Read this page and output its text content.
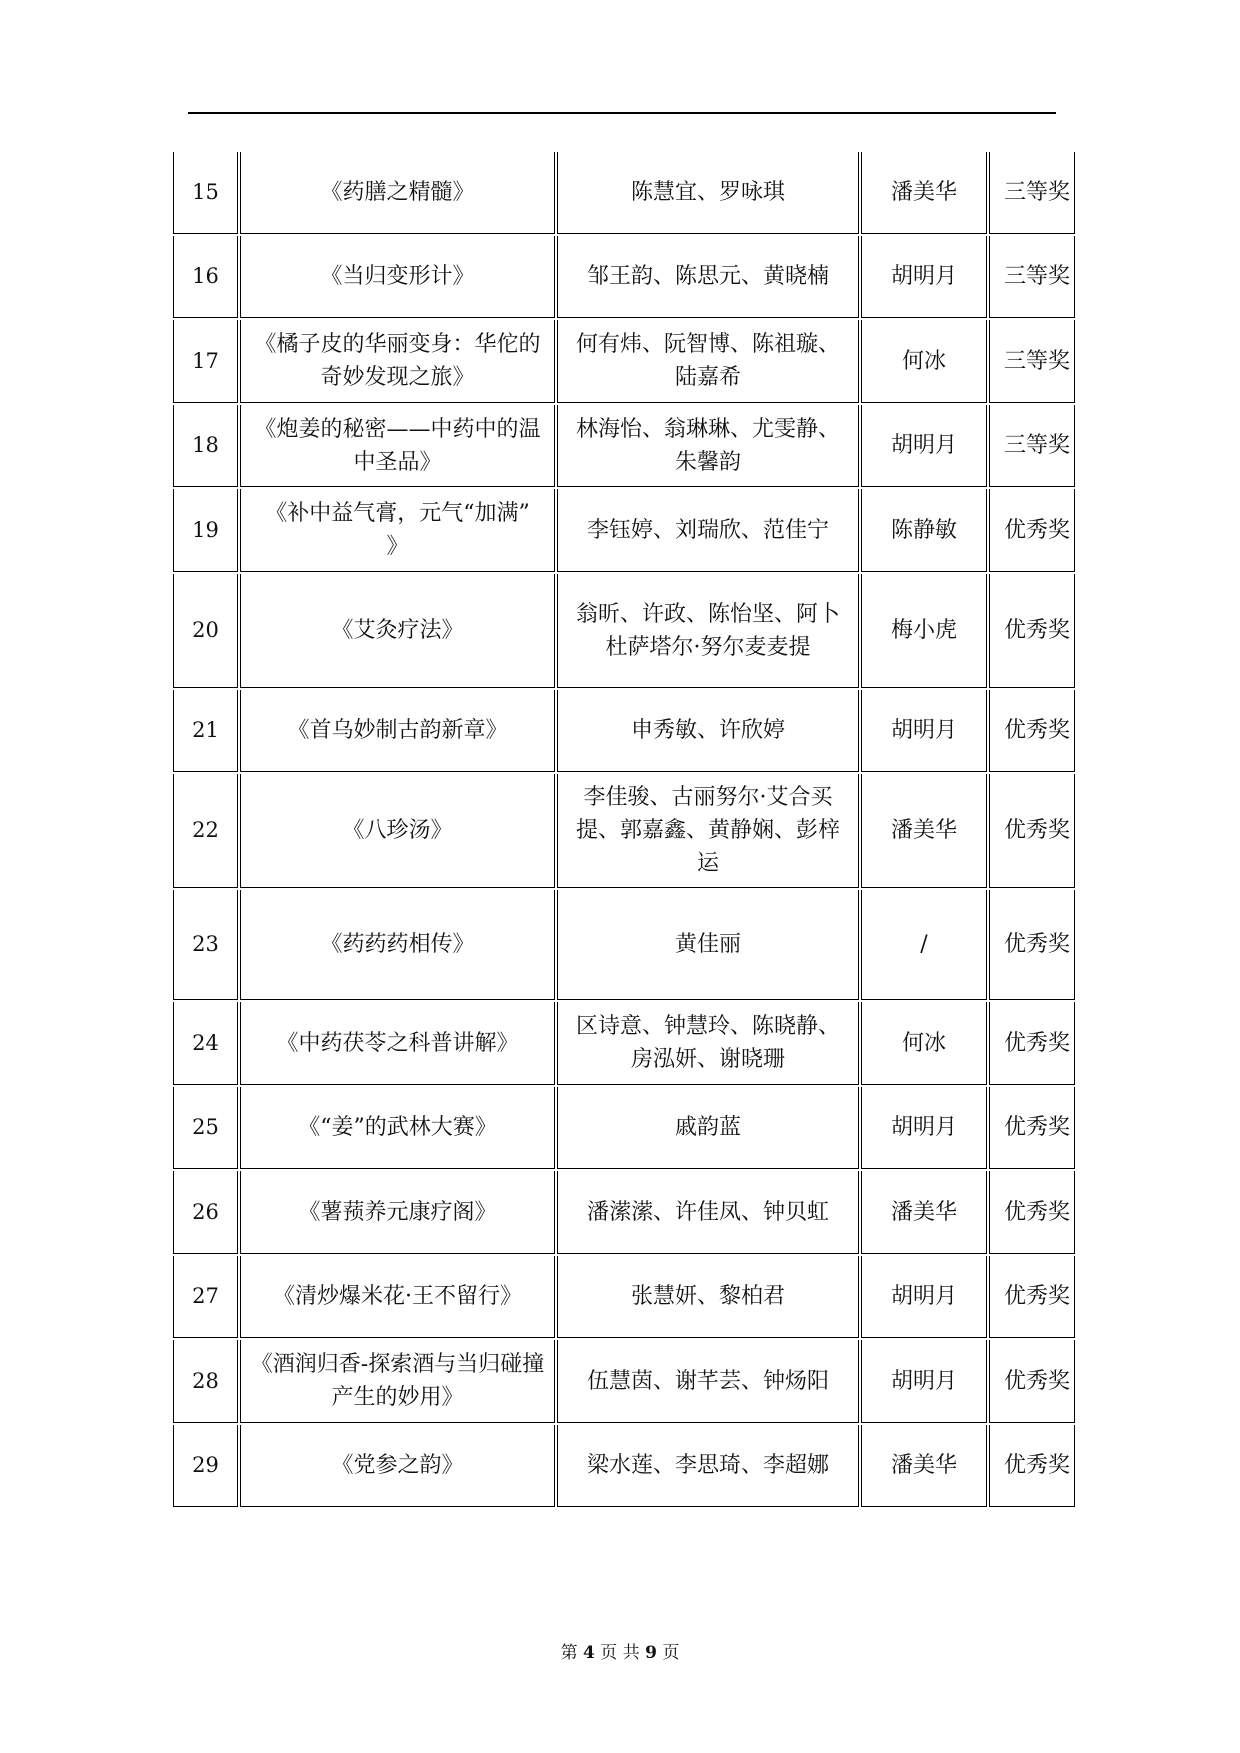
15	《药膳之精髓》	陈慧宜、罗咏琪	潘美华	三等奖
16	《当归变形计》	邹王韵、陈思元、黄晓楠	胡明月	三等奖
17	《橘子皮的华丽变身：华佗的奇妙发现之旅》	何有炜、阮智博、陈祖璇、陆嘉希	何冰	三等奖
18	《炮姜的秘密——中药中的温中圣品》	林海怡、翁琳琳、尤雯静、朱馨韵	胡明月	三等奖
19	《补中益气膏，元气“加满”　 》	李钰婷、刘瑞欣、范佳宁	陈静敏	优秀奖
20	《艾灸疗法》	翁昕、许政、陈怡坚、阿卜杜萨塔尔·努尔麦麦提	梅小虎	优秀奖
21	《首乌妙制古韵新章》	申秀敏、许欣婷	胡明月	优秀奖
22	《八珍汤》	李佳骏、古丽努尔·艾合买提、郭嘉鑫、黄静娴、彭梓运	潘美华	优秀奖
23	《药药药相传》	黄佳丽	/	优秀奖
24	《中药茯苓之科普讲解》	区诗意、钟慧玲、陈晓静、房泓妍、谢晓珊	何冰	优秀奖
25	《“姜”的武林大赛》	戚韵蓝	胡明月	优秀奖
26	《薯蓣养元康疗阁》	潘潆潆、许佳凤、钟贝虹	潘美华	优秀奖
27	《清炒爆米花·王不留行》	张慧妍、黎柏君	胡明月	优秀奖
28	《酒润归香-探索酒与当归碰撞产生的妙用》	伍慧茵、谢芊芸、钟炀阳	胡明月	优秀奖
29	《党参之韵》	梁水莲、李思琦、李超娜	潘美华	优秀奖
第 4 页 共 9 页
